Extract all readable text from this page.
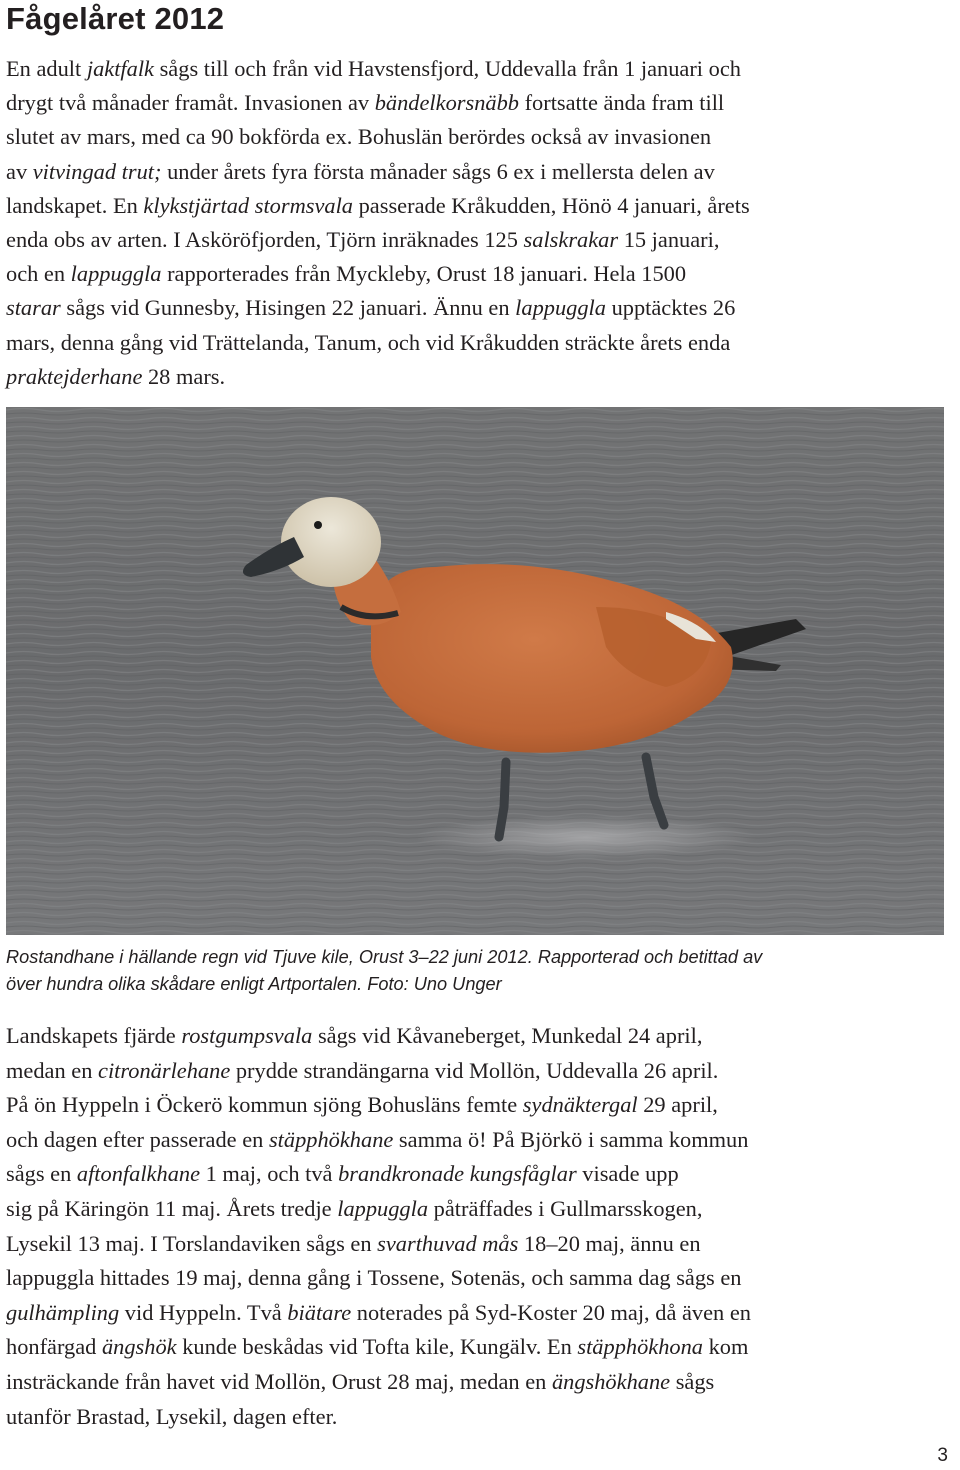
Fågelåret 2012
En adult jaktfalk sågs till och från vid Havstensfjord, Uddevalla från 1 januari och
drygt två månader framåt. Invasionen av bändelkorsnäbb fortsatte ända fram till
slutet av mars, med ca 90 bokförda ex. Bohuslän berördes också av invasionen
av vitvingad trut; under årets fyra första månader sågs 6 ex i mellersta delen av
landskapet. En klykstjärtad stormsvala passerade Kråkudden, Hönö 4 januari, årets
enda obs av arten. I Asköröfjorden, Tjörn inräknades 125 salskrakar 15 januari,
och en lappuggla rapporterades från Myckleby, Orust 18 januari. Hela 1500
starar sågs vid Gunnesby, Hisingen 22 januari. Ännu en lappuggla upptäcktes 26
mars, denna gång vid Trättelanda, Tanum, och vid Kråkudden sträckte årets enda
praktejderhane 28 mars.
Rostandhane i hällande regn vid Tjuve kile, Orust 3–22 juni 2012. Rapporterad och betittad av
över hundra olika skådare enligt Artportalen. Foto: Uno Unger
Landskapets fjärde rostgumpsvala sågs vid Kåvaneberget, Munkedal 24 april,
medan en citronärlehane prydde strandängarna vid Mollön, Uddevalla 26 april.
På ön Hyppeln i Öckerö kommun sjöng Bohusläns femte sydnäktergal 29 april,
och dagen efter passerade en stäpphökhane samma ö! På Björkö i samma kommun
sågs en aftonfalkhane 1 maj, och två brandkronade kungsfåglar visade upp
sig på Käringön 11 maj. Årets tredje lappuggla påträffades i Gullmarsskogen,
Lysekil 13 maj. I Torslandaviken sågs en svarthuvad mås 18–20 maj, ännu en
lappuggla hittades 19 maj, denna gång i Tossene, Sotenäs, och samma dag sågs en
gulhämpling vid Hyppeln. Två biätare noterades på Syd-Koster 20 maj, då även en
honfärgad ängshök kunde beskådas vid Tofta kile, Kungälv. En stäpphökhona kom
insträckande från havet vid Mollön, Orust 28 maj, medan en ängshökhane sågs
utanför Brastad, Lysekil, dagen efter.
3
